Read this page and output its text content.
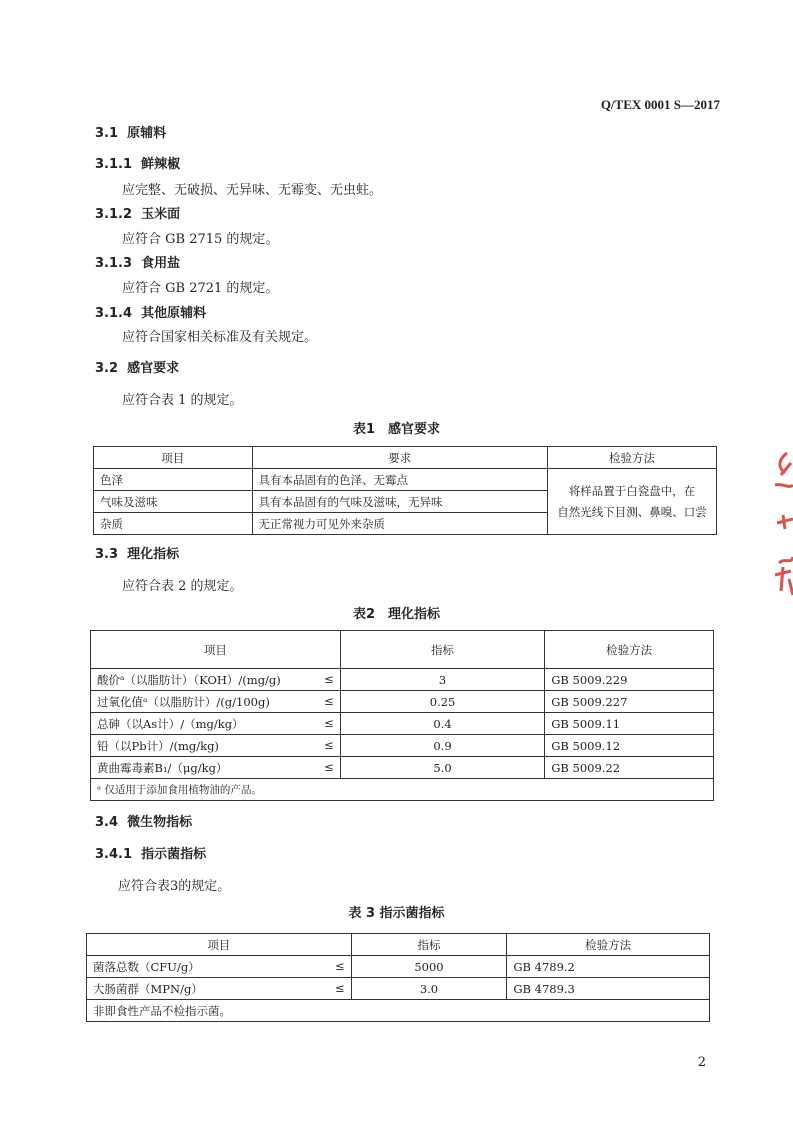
Q/TEX 0001 S—2017
3.1 原辅料
3.1.1 鲜辣椒
应完整、无破损、无异味、无霉变、无虫蛀。
3.1.2 玉米面
应符合 GB 2715 的规定。
3.1.3 食用盐
应符合 GB 2721 的规定。
3.1.4 其他原辅料
应符合国家相关标准及有关规定。
3.2 感官要求
应符合表 1 的规定。
表1　感官要求
项目	要求	检验方法
色泽	具有本品固有的色泽、无霉点	将样品置于白瓷盘中，在
自然光线下目测、鼻嗅、口尝

气味及滋味	具有本品固有的气味及滋味，无异味	
杂质	无正常视力可见外来杂质	
3.3 理化指标
应符合表 2 的规定。
表2　理化指标
项目	指标	检验方法
酸价ᵃ（以脂肪计）（KOH）/(mg/g) ≤	3	GB 5009.229
过氧化值ᵃ（以脂肪计）/(g/100g) ≤	0.25	GB 5009.227
总砷（以As计）/（mg/kg） ≤	0.4	GB 5009.11
铅（以Pb计）/(mg/kg) ≤	0.9	GB 5009.12
黄曲霉毒素B₁/（μg/kg） ≤	5.0	GB 5009.22
ᵃ 仅适用于添加食用植物油的产品。		
3.4 微生物指标
3.4.1 指示菌指标
应符合表3的规定。
表 3 指示菌指标
项目	指标	检验方法
菌落总数（CFU/g） ≤	5000	GB 4789.2
大肠菌群（MPN/g） ≤	3.0	GB 4789.3
非即食性产品不检指示菌。		
2
